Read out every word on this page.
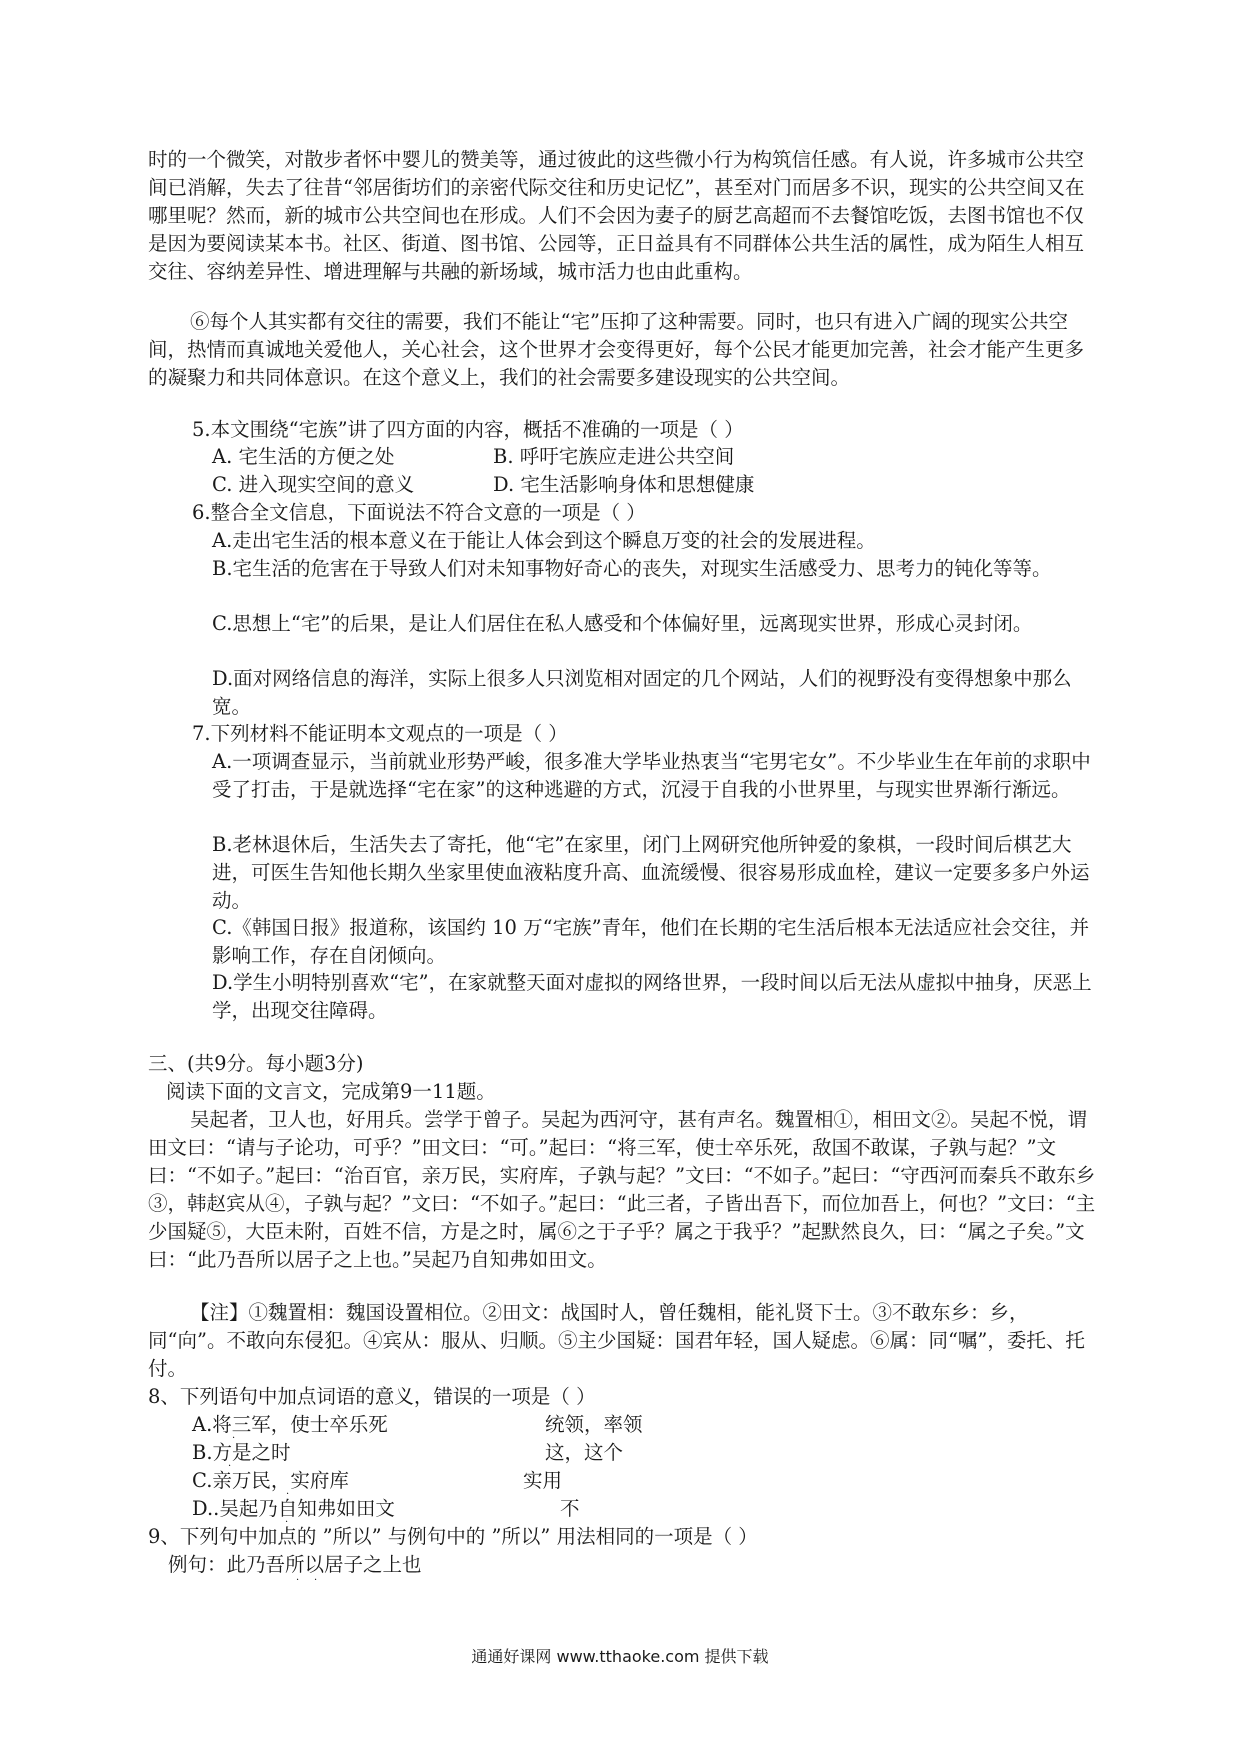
时的一个微笑，对散步者怀中婴儿的赞美等，通过彼此的这些微小行为构筑信任感。有人说，许多城市公共空间已消解，失去了往昔“邻居街坊们的亲密代际交往和历史记忆”，甚至对门而居多不识，现实的公共空间又在哪里呢？然而，新的城市公共空间也在形成。人们不会因为妻子的厨艺高超而不去餐馆吃饭，去图书馆也不仅是因为要阅读某本书。社区、街道、图书馆、公园等，正日益具有不同群体公共生活的属性，成为陌生人相互交往、容纳差异性、增进理解与共融的新场域，城市活力也由此重构。

⑥每个人其实都有交往的需要，我们不能让“宅”压抑了这种需要。同时，也只有进入广阔的现实公共空间，热情而真诚地关爱他人，关心社会，这个世界才会变得更好，每个公民才能更加完善，社会才能产生更多的凝聚力和共同体意识。在这个意义上，我们的社会需要多建设现实的公共空间。

5.本文围绕“宅族”讲了四方面的内容，概括不准确的一项是（ ）

A. 宅生活的方便之处	B. 呼吁宅族应走进公共空间

C. 进入现实空间的意义	D. 宅生活影响身体和思想健康

6.整合全文信息，下面说法不符合文意的一项是（ ）

A.走出宅生活的根本意义在于能让人体会到这个瞬息万变的社会的发展进程。

B.宅生活的危害在于导致人们对未知事物好奇心的丧失，对现实生活感受力、思考力的钝化等等。

C.思想上“宅”的后果，是让人们居住在私人感受和个体偏好里，远离现实世界，形成心灵封闭。

D.面对网络信息的海洋，实际上很多人只浏览相对固定的几个网站，人们的视野没有变得想象中那么宽。

7.下列材料不能证明本文观点的一项是（ ）

A.一项调查显示，当前就业形势严峻，很多准大学毕业热衷当“宅男宅女”。不少毕业生在年前的求职中受了打击，于是就选择“宅在家”的这种逃避的方式，沉浸于自我的小世界里，与现实世界渐行渐远。

B.老林退休后，生活失去了寄托，他“宅”在家里，闭门上网研究他所钟爱的象棋，一段时间后棋艺大进，可医生告知他长期久坐家里使血液粘度升高、血流缓慢、很容易形成血栓，建议一定要多多户外运动。

C.《韩国日报》报道称，该国约 10 万“宅族”青年，他们在长期的宅生活后根本无法适应社会交往，并影响工作，存在自闭倾向。

D.学生小明特别喜欢“宅”，在家就整天面对虚拟的网络世界，一段时间以后无法从虚拟中抽身，厌恶上学，出现交往障碍。

三、(共9分。每小题3分)

阅读下面的文言文，完成第9一11题。

吴起者，卫人也，好用兵。尝学于曾子。吴起为西河守，甚有声名。魏置相①，相田文②。吴起不悦，谓田文曰：“请与子论功，可乎？”田文曰：“可。”起曰：“将三军，使士卒乐死，敌国不敢谋，子孰与起？”文曰：“不如子。”起曰：“治百官，亲万民，实府库，子孰与起？”文曰：“不如子。”起曰：“守西河而秦兵不敢东乡③，韩赵宾从④，子孰与起？”文曰：“不如子。”起曰：“此三者，子皆出吾下，而位加吾上，何也？”文曰：“主少国疑⑤，大臣未附，百姓不信，方是之时，属⑥之于子乎？属之于我乎？”起默然良久，曰：“属之子矣。”文曰：“此乃吾所以居子之上也。”吴起乃自知弗如田文。

【注】①魏置相：魏国设置相位。②田文：战国时人，曾任魏相，能礼贤下士。③不敢东乡：乡，同“向”。不敢向东侵犯。④宾从：服从、归顺。⑤主少国疑：国君年轻，国人疑虑。⑥属：同“嘱”，委托、托付。

8、下列语句中加点词语的意义，错误的一项是（ ）

A.将三军，使士卒乐死	统领，率领

B.方是之时	这，这个

C.亲万民，实府库	实用

D..吴起乃自知弗如田文	不

·
·
·
·

9、下列句中加点的 ”所以” 与例句中的 ”所以” 用法相同的一项是（ ）

例句：此乃吾所以居子之上也

· ·
通通好课网 www.tthaoke.com 提供下载
